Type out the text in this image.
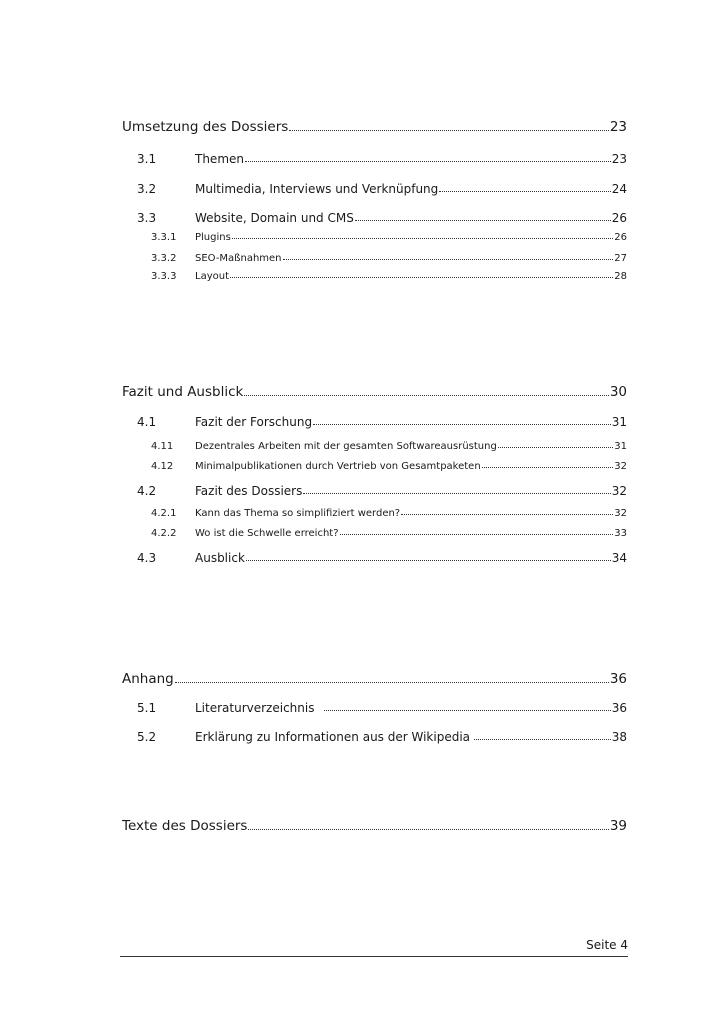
Umsetzung des Dossiers	23
3.1	Themen	23
3.2	Multimedia, Interviews und Verknüpfung	24
3.3	Website, Domain und CMS	26
3.3.1	Plugins	26
3.3.2	SEO-Maßnahmen	27
3.3.3	Layout	28
Fazit und Ausblick	30
4.1	Fazit der Forschung	31
4.11	Dezentrales Arbeiten mit der gesamten Softwareausrüstung	31
4.12	Minimalpublikationen durch Vertrieb von Gesamtpaketen	32
4.2	Fazit des Dossiers	32
4.2.1	Kann das Thema so simplifiziert werden?	32
4.2.2	Wo ist die Schwelle erreicht?	33
4.3	Ausblick	34
Anhang	36
5.1	Literaturverzeichnis	36
5.2	Erklärung zu Informationen aus der Wikipedia	38
Texte des Dossiers	39
Seite 4
